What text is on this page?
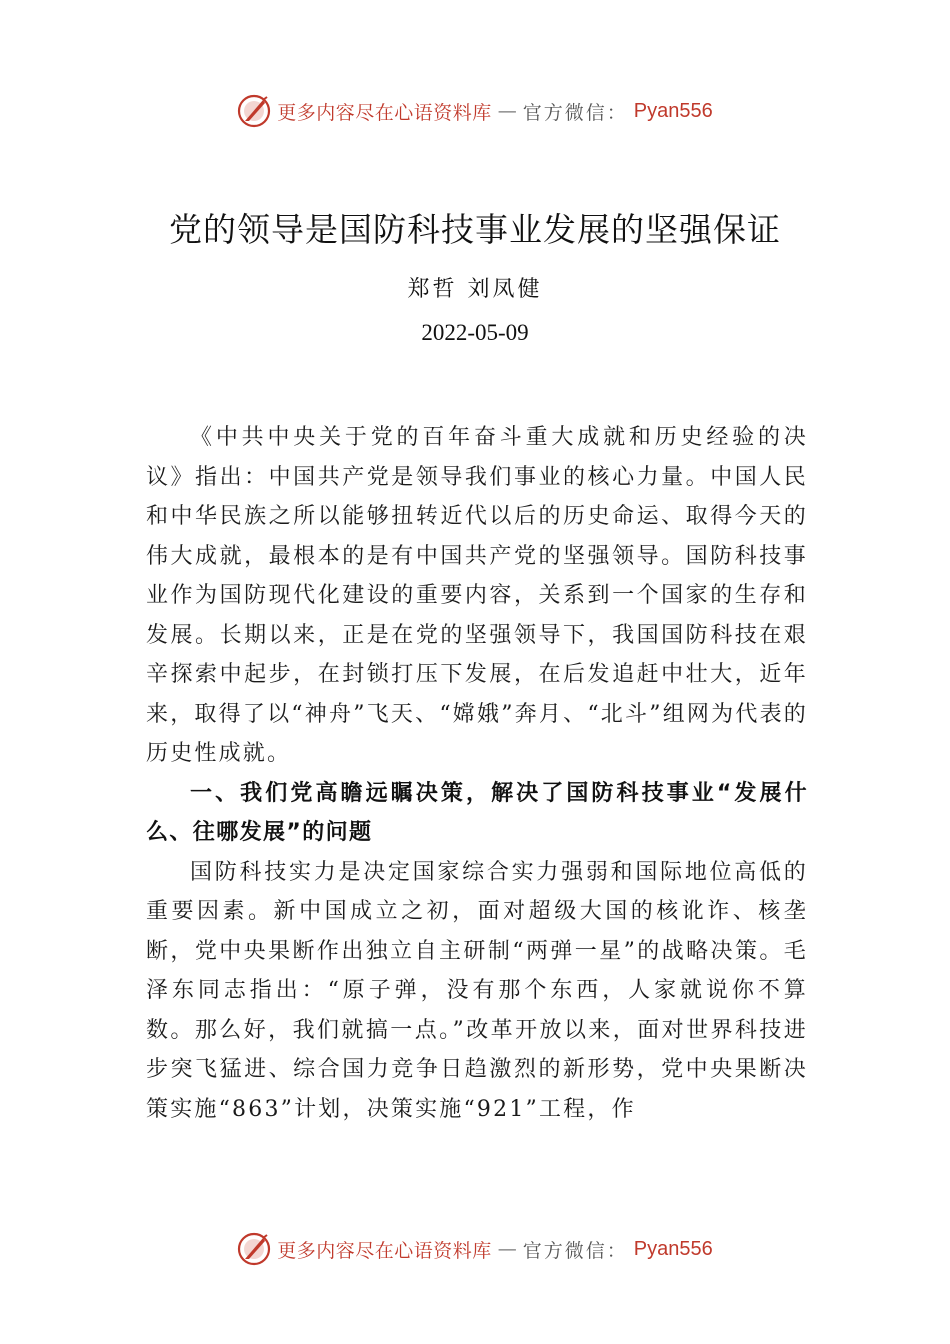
更多内容尽在心语资料库 — 官方微信： Pyan556
党的领导是国防科技事业发展的坚强保证
郑哲 刘凤健
2022-05-09

《中共中央关于党的百年奋斗重大成就和历史经验的决议》指出：中国共产党是领导我们事业的核心力量。中国人民和中华民族之所以能够扭转近代以后的历史命运、取得今天的伟大成就，最根本的是有中国共产党的坚强领导。国防科技事业作为国防现代化建设的重要内容，关系到一个国家的生存和发展。长期以来，正是在党的坚强领导下，我国国防科技在艰辛探索中起步，在封锁打压下发展，在后发追赶中壮大，近年来，取得了以“神舟”飞天、“嫦娥”奔月、“北斗”组网为代表的历史性成就。

一、我们党高瞻远瞩决策，解决了国防科技事业“发展什么、往哪发展”的问题

国防科技实力是决定国家综合实力强弱和国际地位高低的重要因素。新中国成立之初，面对超级大国的核讹诈、核垄断，党中央果断作出独立自主研制“两弹一星”的战略决策。毛泽东同志指出：“原子弹，没有那个东西，人家就说你不算数。那么好，我们就搞一点。”改革开放以来，面对世界科技进步突飞猛进、综合国力竞争日趋激烈的新形势，党中央果断决策实施“863”计划，决策实施“921”工程，作

更多内容尽在心语资料库 — 官方微信： Pyan556
